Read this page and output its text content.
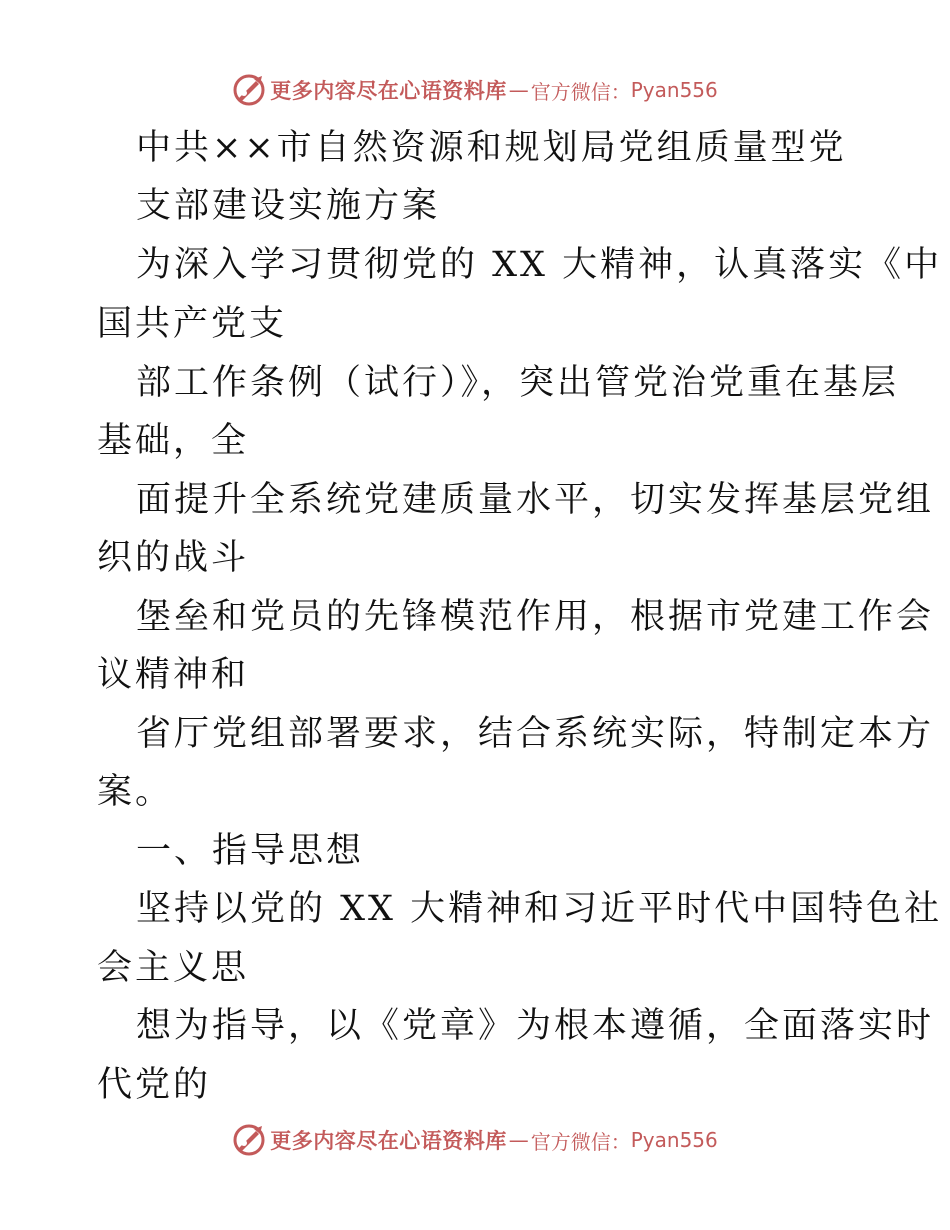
更多内容尽在心语资料库 — 官方微信： Pyan556
中共××市自然资源和规划局党组质量型党
支部建设实施方案
为深入学习贯彻党的 XX 大精神，认真落实《中
国共产党支
部工作条例（试行）》，突出管党治党重在基层
基础，全
面提升全系统党建质量水平，切实发挥基层党组
织的战斗
堡垒和党员的先锋模范作用，根据市党建工作会
议精神和
省厅党组部署要求，结合系统实际，特制定本方
案。
一、指导思想
坚持以党的 XX 大精神和习近平时代中国特色社
会主义思
想为指导，以《党章》为根本遵循，全面落实时
代党的
更多内容尽在心语资料库 — 官方微信： Pyan556
